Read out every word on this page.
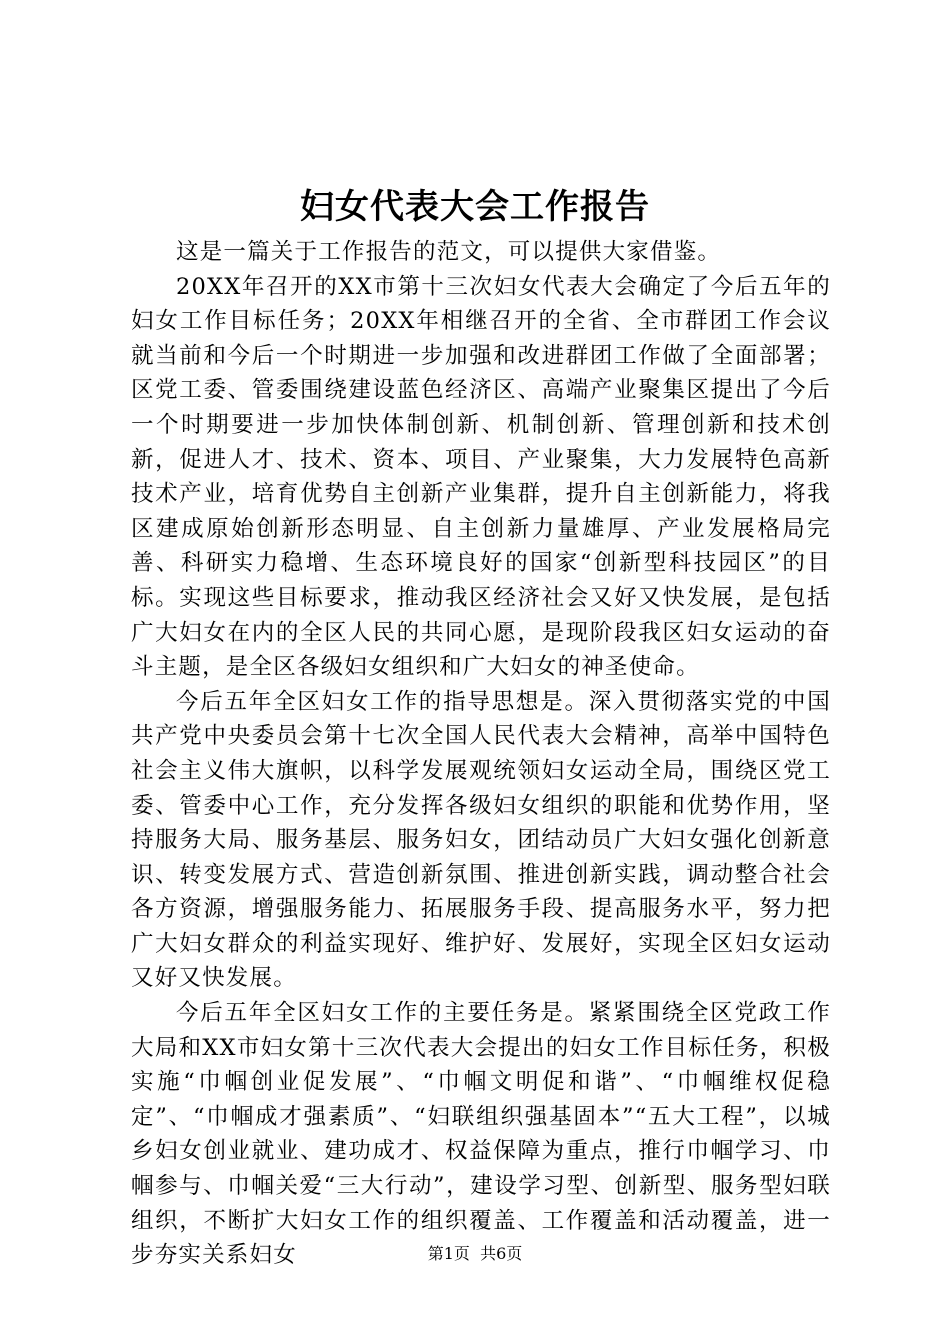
妇女代表大会工作报告

这是一篇关于工作报告的范文，可以提供大家借鉴。

20XX年召开的XX市第十三次妇女代表大会确定了今后五年的妇女工作目标任务；20XX年相继召开的全省、全市群团工作会议就当前和今后一个时期进一步加强和改进群团工作做了全面部署；区党工委、管委围绕建设蓝色经济区、高端产业聚集区提出了今后一个时期要进一步加快体制创新、机制创新、管理创新和技术创新，促进人才、技术、资本、项目、产业聚集，大力发展特色高新技术产业，培育优势自主创新产业集群，提升自主创新能力，将我区建成原始创新形态明显、自主创新力量雄厚、产业发展格局完善、科研实力稳增、生态环境良好的国家“创新型科技园区”的目标。实现这些目标要求，推动我区经济社会又好又快发展，是包括广大妇女在内的全区人民的共同心愿，是现阶段我区妇女运动的奋斗主题，是全区各级妇女组织和广大妇女的神圣使命。

今后五年全区妇女工作的指导思想是。深入贯彻落实党的中国共产党中央委员会第十七次全国人民代表大会精神，高举中国特色社会主义伟大旗帜，以科学发展观统领妇女运动全局，围绕区党工委、管委中心工作，充分发挥各级妇女组织的职能和优势作用，坚持服务大局、服务基层、服务妇女，团结动员广大妇女强化创新意识、转变发展方式、营造创新氛围、推进创新实践，调动整合社会各方资源，增强服务能力、拓展服务手段、提高服务水平，努力把广大妇女群众的利益实现好、维护好、发展好，实现全区妇女运动又好又快发展。

今后五年全区妇女工作的主要任务是。紧紧围绕全区党政工作大局和XX市妇女第十三次代表大会提出的妇女工作目标任务，积极实施“巾帼创业促发展”、“巾帼文明促和谐”、“巾帼维权促稳定”、“巾帼成才强素质”、“妇联组织强基固本”“五大工程”，以城乡妇女创业就业、建功成才、权益保障为重点，推行巾帼学习、巾帼参与、巾帼关爱“三大行动”，建设学习型、创新型、服务型妇联组织，不断扩大妇女工作的组织覆盖、工作覆盖和活动覆盖，进一步夯实关系妇女	第1页  共6页
